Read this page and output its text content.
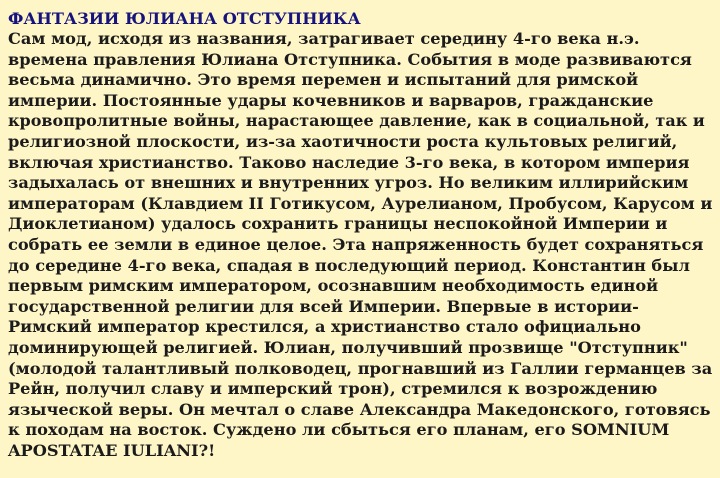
ФАНТАЗИИ ЮЛИАНА ОТСТУПНИКА
Сам мод, исходя из названия, затрагивает середину 4-го века н.э.
времена правления Юлиана Отступника. События в моде развиваются
весьма динамично. Это время перемен и испытаний для римской
империи. Постоянные удары кочевников и варваров, гражданские
кровопролитные войны, нарастающее давление, как в социальной, так и
религиозной плоскости, из-за хаотичности роста культовых религий,
включая христианство. Таково наследие 3-го века, в котором империя
задыхалась от внешних и внутренних угроз. Но великим иллирийским
императорам (Клавдием II Готикусом, Аурелианом, Пробусом, Карусом и
Диоклетианом) удалось сохранить границы неспокойной Империи и
собрать ее земли в единое целое. Эта напряженность будет сохраняться
до середине 4-го века, спадая в последующий период. Константин был
первым римским императором, осознавшим необходимость единой
государственной религии для всей Империи. Впервые в истории-
Римский император крестился, а христианство стало официально
доминирующей религией. Юлиан, получивший прозвище "Отступник"
(молодой талантливый полководец, прогнавший из Галлии германцев за
Рейн, получил славу и имперский трон), стремился к возрождению
языческой веры. Он мечтал о славе Александра Македонского, готовясь
к походам на восток. Суждено ли сбыться его планам, его SOMNIUM
APOSTATAE IULIANI?!
